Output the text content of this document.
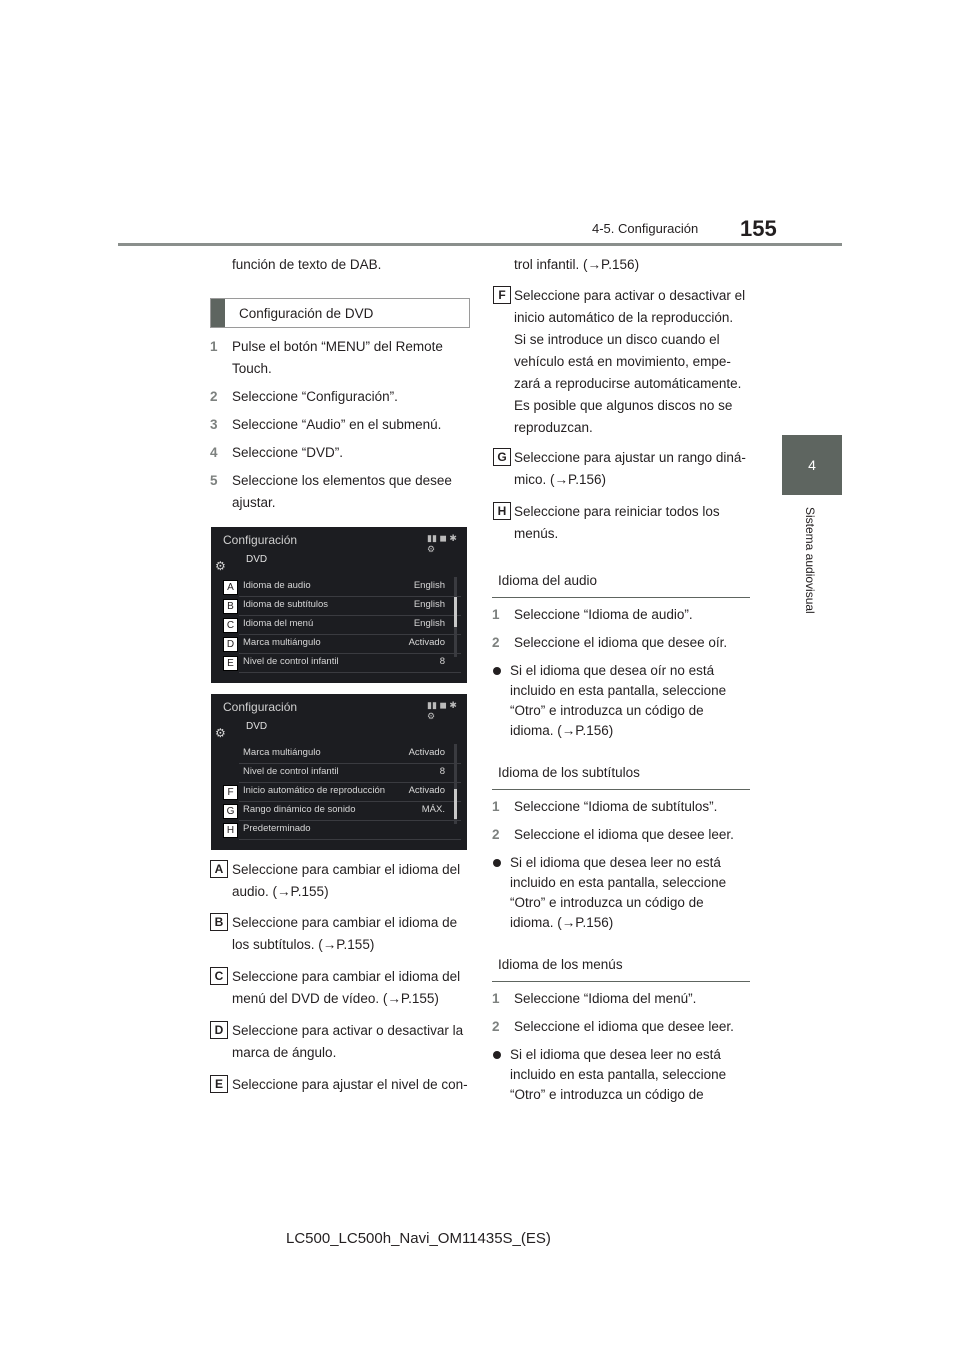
4-5. Configuración 155
4
Sistema audiovisual
función de texto de DAB.
Configuración de DVD
1 Pulse el botón “MENU” del Remote Touch.
2 Seleccione “Configuración”.
3 Seleccione “Audio” en el submenú.
4 Seleccione “DVD”.
5 Seleccione los elementos que desee ajustar.
Configuración
⚙ DVD
▮▮ ◼ ✱ ⚙
Idioma de audio	English
Idioma de subtítulos	English
Idioma del menú	English
Marca multiángulo	Activado
Nivel de control infantil	8
A
B
C
D
E
Configuración
⚙ DVD
▮▮ ◼ ✱ ⚙
Marca multiángulo	Activado
Nivel de control infantil	8
Inicio automático de reproducción Activado
Rango dinámico de sonido	MÁX.
Predeterminado
F
G
H
A Seleccione para cambiar el idioma del
audio. (→P.155)
B Seleccione para cambiar el idioma de
los subtítulos. (→P.155)
C Seleccione para cambiar el idioma del
menú del DVD de vídeo. (→P.155)
D Seleccione para activar o desactivar la
marca de ángulo.
E Seleccione para ajustar el nivel de con-
trol infantil. (→P.156)
F Seleccione para activar o desactivar el
inicio automático de la reproducción.
Si se introduce un disco cuando el
vehículo está en movimiento, empe-
zará a reproducirse automáticamente.
Es posible que algunos discos no se
reproduzcan.
G Seleccione para ajustar un rango diná-
mico. (→P.156)
H Seleccione para reiniciar todos los
menús.
Idioma del audio
1 Seleccione “Idioma de audio”.
2 Seleccione el idioma que desee oír.
Si el idioma que desea oír no está
incluido en esta pantalla, seleccione
“Otro” e introduzca un código de
idioma. (→P.156)
Idioma de los subtítulos
1 Seleccione “Idioma de subtítulos”.
2 Seleccione el idioma que desee leer.
Si el idioma que desea leer no está
incluido en esta pantalla, seleccione
“Otro” e introduzca un código de
idioma. (→P.156)
Idioma de los menús
1 Seleccione “Idioma del menú”.
2 Seleccione el idioma que desee leer.
Si el idioma que desea leer no está
incluido en esta pantalla, seleccione
“Otro” e introduzca un código de
LC500_LC500h_Navi_OM11435S_(ES)
